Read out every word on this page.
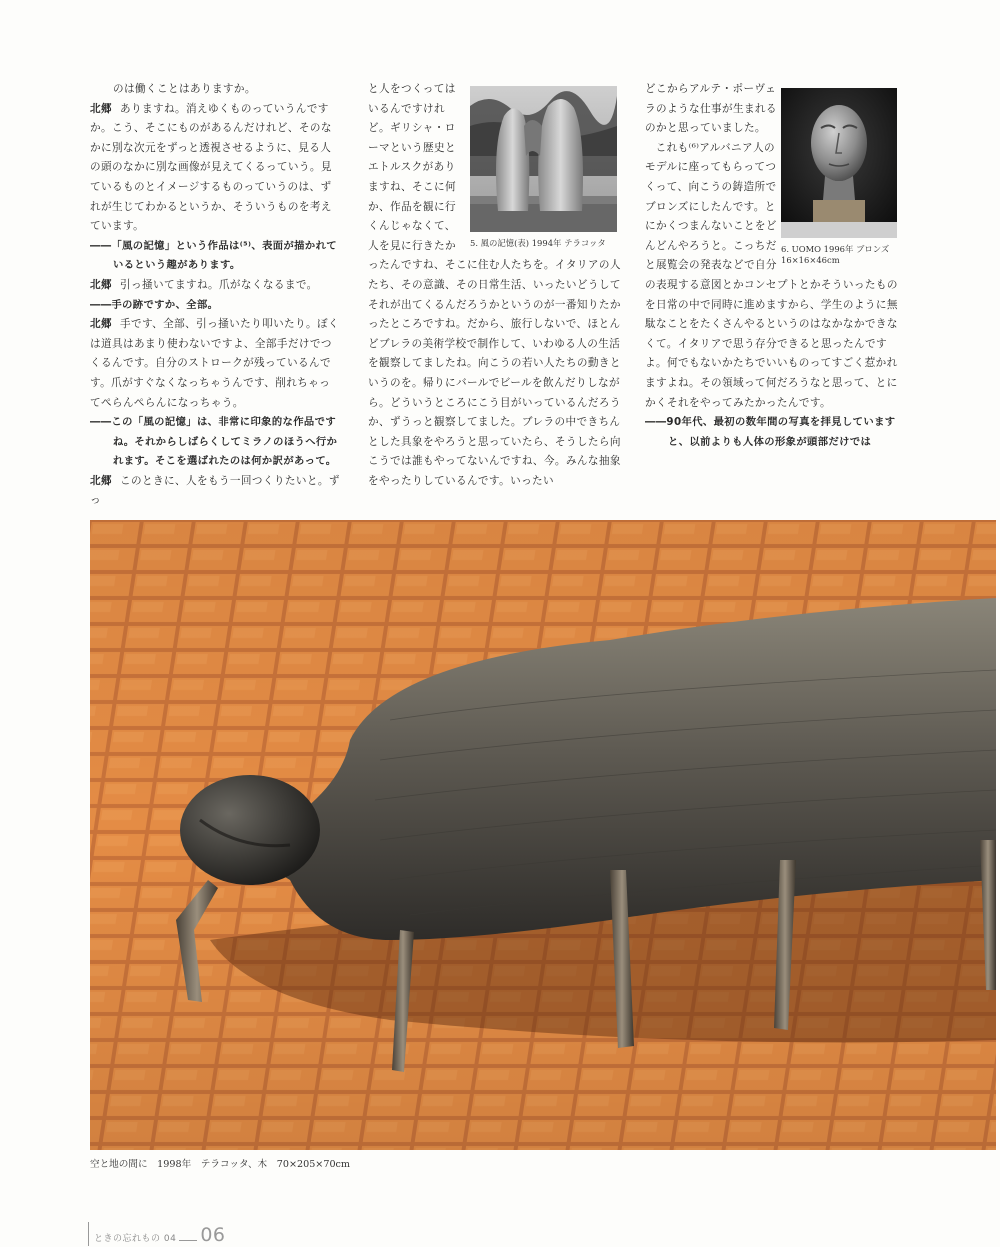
のは働くことはありますか。

北郷 ありますね。消えゆくものっていうんですか。こう、そこにものがあるんだけれど、そのなかに別な次元をずっと透視させるように、見る人の頭のなかに別な画像が見えてくるっていう。見ているものとイメージするものっていうのは、ずれが生じてわかるというか、そういうものを考えています。

――「風の記憶」という作品は⁽⁵⁾、表面が描かれているという趣があります。

北郷 引っ掻いてますね。爪がなくなるまで。

――手の跡ですか、全部。

北郷 手です、全部、引っ掻いたり叩いたり。ぼくは道具はあまり使わないですよ、全部手だけでつくるんです。自分のストロークが残っているんです。爪がすぐなくなっちゃうんです、削れちゃってぺらんぺらんになっちゃう。

――この「風の記憶」は、非常に印象的な作品ですね。それからしばらくしてミラノのほうへ行かれます。そこを選ばれたのは何か訳があって。

北郷 このときに、人をもう一回つくりたいと。ずっ

と人をつくってはいるんですけれど。ギリシャ・ローマという歴史とエトルスクがありますね、そこに何か、作品を観に行くんじゃなくて、人を見に行きたかったんですね、そこに住む人たちを。イタリアの人たち、その意識、その日常生活、いったいどうしてそれが出てくるんだろうかというのが一番知りたかったところですね。だから、旅行しないで、ほとんどブレラの美術学校で制作して、いわゆる人の生活を観察してましたね。向こうの若い人たちの動きというのを。帰りにバールでビールを飲んだりしながら。どういうところにこう目がいっているんだろうか、ずうっと観察してました。ブレラの中できちんとした具象をやろうと思っていたら、そうしたら向こうでは誰もやってないんですね、今。みんな抽象をやったりしているんです。いったい

5. 風の記憶(表) 1994年 テラコッタ

どこからアルテ・ポーヴェラのような仕事が生まれるのかと思っていました。

これも⁽⁶⁾アルバニア人のモデルに座ってもらってつくって、向こうの鋳造所でブロンズにしたんです。とにかくつまんないことをどんどんやろうと。こっちだと展覧会の発表などで自分の表現する意図とかコンセプトとかそういったものを日常の中で同時に進めますから、学生のように無駄なことをたくさんやるというのはなかなかできなくて。イタリアで思う存分できると思ったんですよ。何でもないかたちでいいものってすごく惹かれますよね。その領域って何だろうなと思って、とにかくそれをやってみたかったんです。

――90年代、最初の数年間の写真を拝見していますと、以前よりも人体の形象が頭部だけでは

6. UOMO 1996年 ブロンズ
16×16×46cm
空と地の間に　1998年　テラコッタ、木　70×205×70cm
ときの忘れもの 04 06
